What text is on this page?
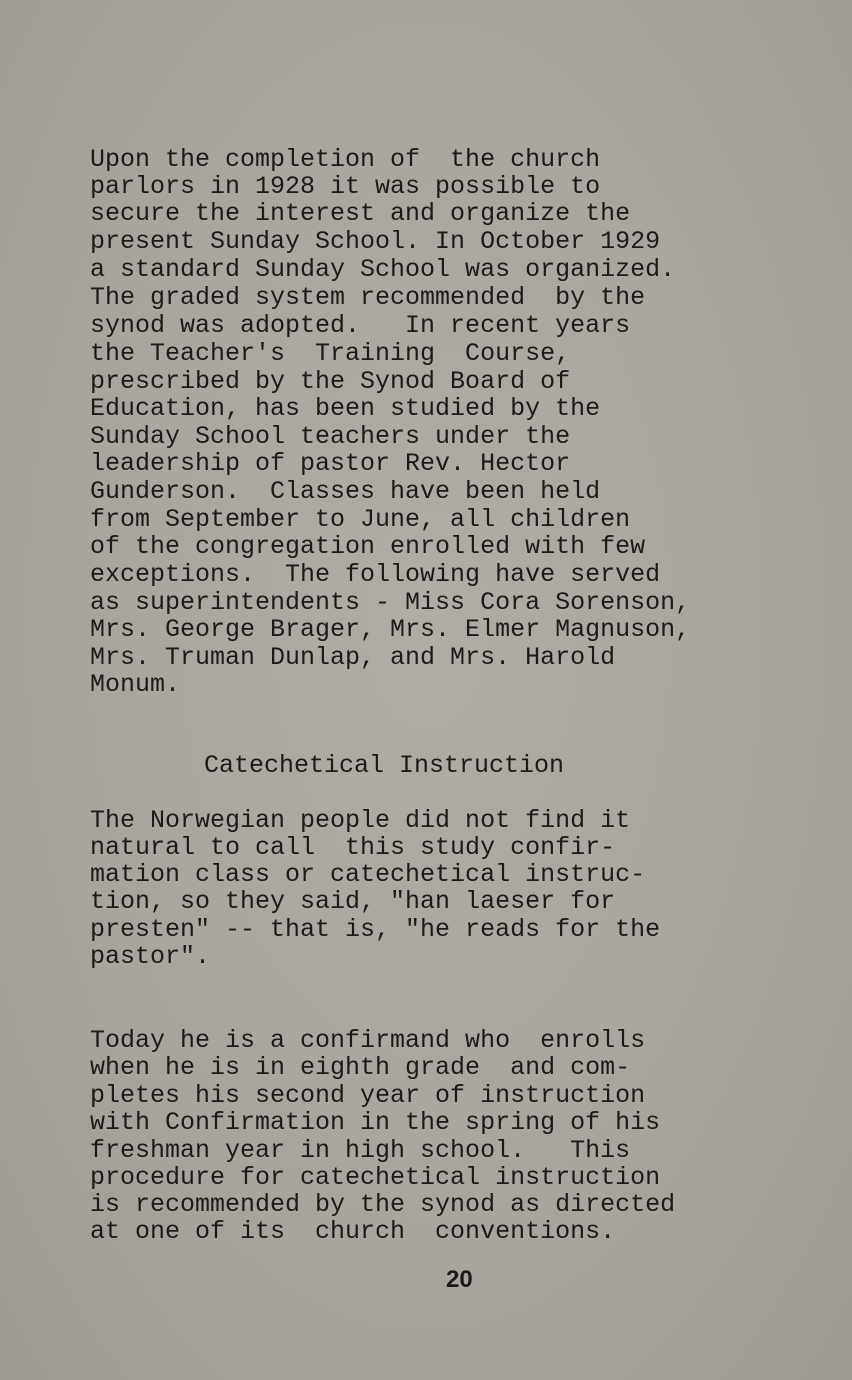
Upon the completion of  the church
parlors in 1928 it was possible to
secure the interest and organize the
present Sunday School. In October 1929
a standard Sunday School was organized.
The graded system recommended  by the
synod was adopted.   In recent years
the Teacher's  Training  Course,
prescribed by the Synod Board of
Education, has been studied by the
Sunday School teachers under the
leadership of pastor Rev. Hector
Gunderson.  Classes have been held
from September to June, all children
of the congregation enrolled with few
exceptions.  The following have served
as superintendents - Miss Cora Sorenson,
Mrs. George Brager, Mrs. Elmer Magnuson,
Mrs. Truman Dunlap, and Mrs. Harold
Monum.
Catechetical Instruction
The Norwegian people did not find it
natural to call  this study confir-
mation class or catechetical instruc-
tion, so they said, "han laeser for
presten" -- that is, "he reads for the
pastor".
Today he is a confirmand who  enrolls
when he is in eighth grade  and com-
pletes his second year of instruction
with Confirmation in the spring of his
freshman year in high school.   This
procedure for catechetical instruction
is recommended by the synod as directed
at one of its  church  conventions.
20
